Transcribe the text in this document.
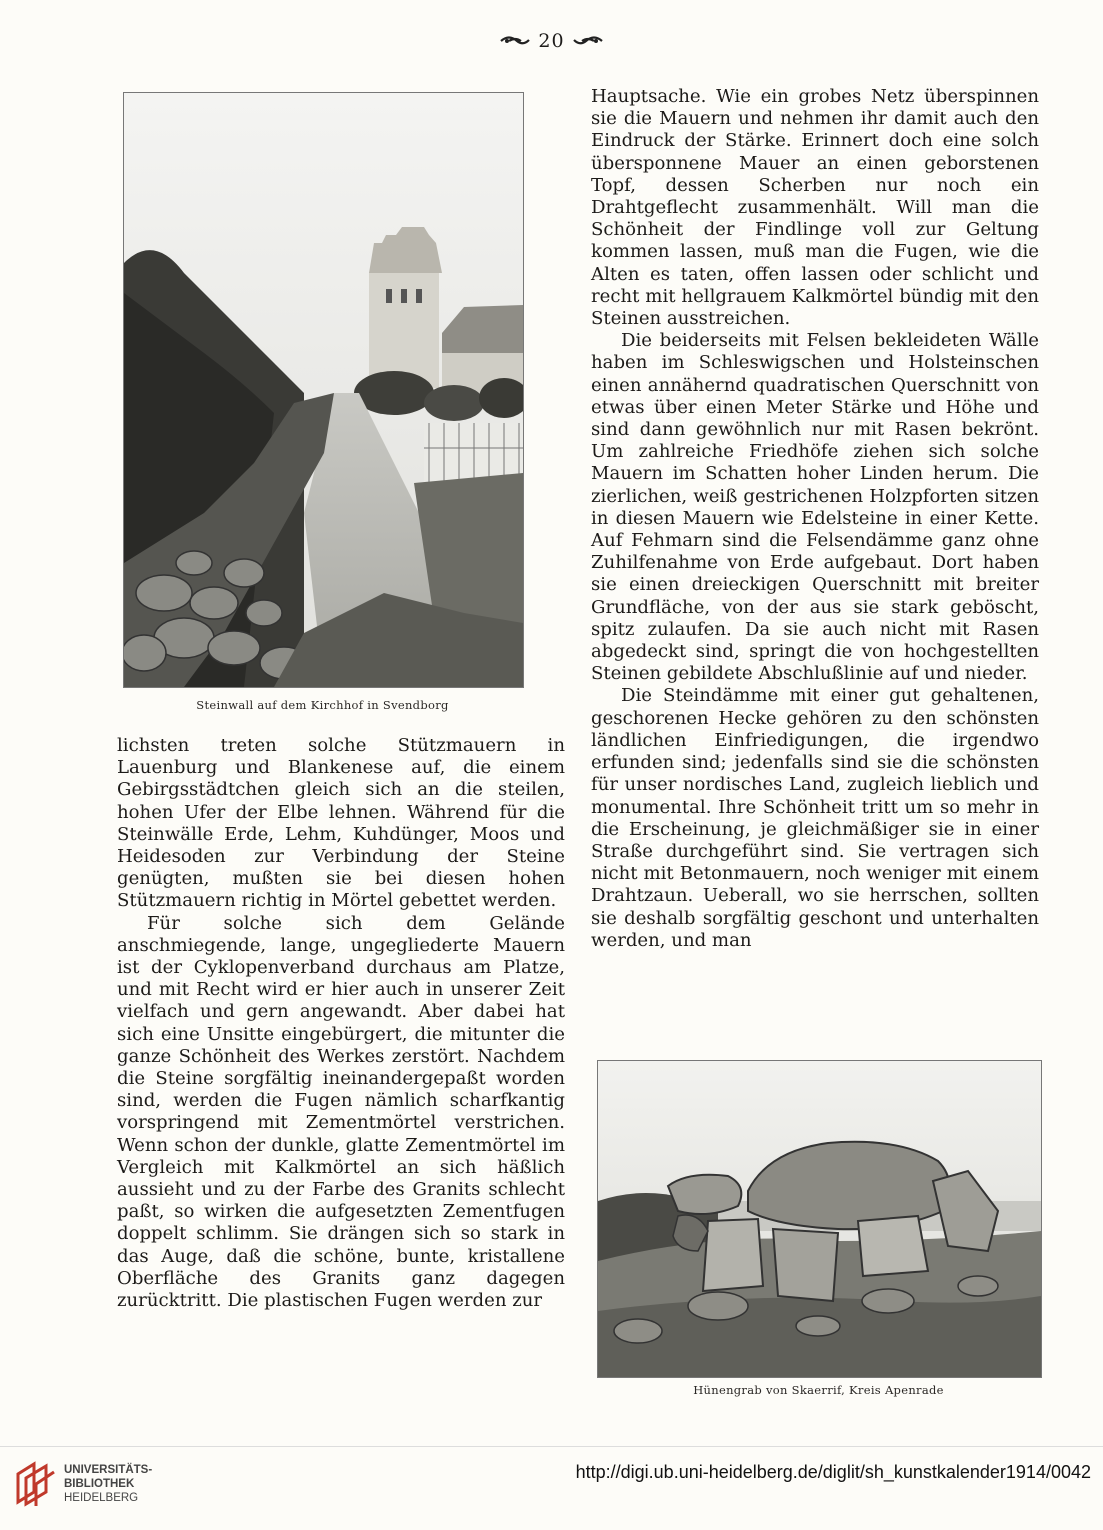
20
Steinwall auf dem Kirchhof in Svendborg

Hauptsache. Wie ein grobes Netz überspinnen sie die Mauern und nehmen ihr damit auch den Eindruck der Stärke. Erinnert doch eine solch übersponnene Mauer an einen geborstenen Topf, dessen Scherben nur noch ein Drahtgeflecht zusammenhält. Will man die Schönheit der Findlinge voll zur Geltung kommen lassen, muß man die Fugen, wie die Alten es taten, offen lassen oder schlicht und recht mit hellgrauem Kalkmörtel bündig mit den Steinen ausstreichen.

Die beiderseits mit Felsen bekleideten Wälle haben im Schleswigschen und Holsteinschen einen annähernd quadratischen Querschnitt von etwas über einen Meter Stärke und Höhe und sind dann gewöhnlich nur mit Rasen bekrönt. Um zahlreiche Friedhöfe ziehen sich solche Mauern im Schatten hoher Linden herum. Die zierlichen, weiß gestrichenen Holzpforten sitzen in diesen Mauern wie Edelsteine in einer Kette. Auf Fehmarn sind die Felsendämme ganz ohne Zuhilfenahme von Erde aufgebaut. Dort haben sie einen dreieckigen Querschnitt mit breiter Grundfläche, von der aus sie stark geböscht, spitz zulaufen. Da sie auch nicht mit Rasen abgedeckt sind, springt die von hochgestellten Steinen gebildete Abschlußlinie auf und nieder.

Die Steindämme mit einer gut gehaltenen, geschorenen Hecke gehören zu den schönsten ländlichen Einfriedigungen, die irgendwo erfunden sind; jedenfalls sind sie die schönsten für unser nordisches Land, zugleich lieblich und monumental. Ihre Schönheit tritt um so mehr in die Erscheinung, je gleichmäßiger sie in einer Straße durchgeführt sind. Sie vertragen sich nicht mit Betonmauern, noch weniger mit einem Drahtzaun. Ueberall, wo sie herrschen, sollten sie deshalb sorgfältig geschont und unterhalten werden, und man

lichsten treten solche Stützmauern in Lauenburg und Blankenese auf, die einem Gebirgsstädtchen gleich sich an die steilen, hohen Ufer der Elbe lehnen. Während für die Steinwälle Erde, Lehm, Kuhdünger, Moos und Heidesoden zur Verbindung der Steine genügten, mußten sie bei diesen hohen Stützmauern richtig in Mörtel gebettet werden.

Für solche sich dem Gelände anschmiegende, lange, ungegliederte Mauern ist der Cyklopenverband durchaus am Platze, und mit Recht wird er hier auch in unserer Zeit vielfach und gern angewandt. Aber dabei hat sich eine Unsitte eingebürgert, die mitunter die ganze Schönheit des Werkes zerstört. Nachdem die Steine sorgfältig ineinandergepaßt worden sind, werden die Fugen nämlich scharfkantig vorspringend mit Zementmörtel verstrichen. Wenn schon der dunkle, glatte Zementmörtel im Vergleich mit Kalkmörtel an sich häßlich aussieht und zu der Farbe des Granits schlecht paßt, so wirken die aufgesetzten Zementfugen doppelt schlimm. Sie drängen sich so stark in das Auge, daß die schöne, bunte, kristallene Oberfläche des Granits ganz dagegen zurücktritt. Die plastischen Fugen werden zur

Hünengrab von Skaerrif, Kreis Apenrade
UNIVERSITÄTS-
BIBLIOTHEK
HEIDELBERG
http://digi.ub.uni-heidelberg.de/diglit/sh_kunstkalender1914/0042
